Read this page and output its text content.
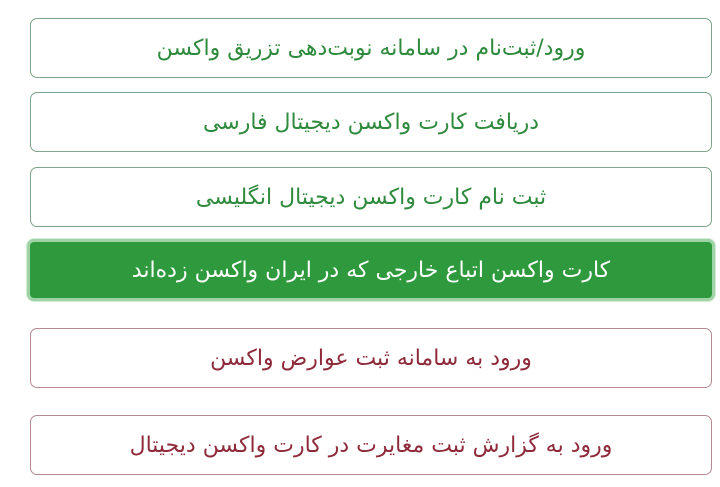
ورود/ثبت‌نام در سامانه نوبت‌دهی تزریق واکسن
دریافت کارت واکسن دیجیتال فارسی
ثبت نام کارت واکسن دیجیتال انگلیسی
کارت واکسن اتباع خارجی که در ایران واکسن زده‌اند
ورود به سامانه ثبت عوارض واکسن
ورود به گزارش ثبت مغایرت در کارت واکسن دیجیتال
